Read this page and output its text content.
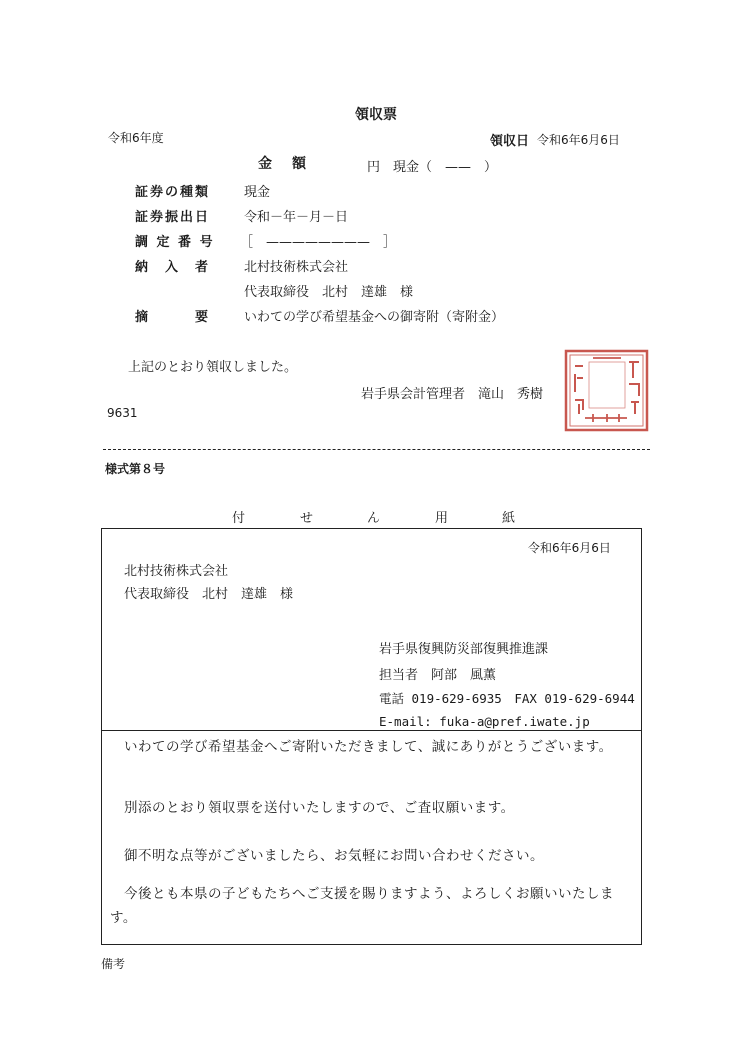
領収票
令和6年度	領収日 令和6年6月6日
金　額	円 現金（　——　）
証券の種類	現金
証券振出日	令和－年－月－日
調 定 番 号 ［　————————　］
納　入　者	北村技術株式会社
代表取締役　北村　達雄　様
摘　　　要	いわての学び希望基金への御寄附（寄附金）
上記のとおり領収しました。
岩手県会計管理者　滝山　秀樹
9631
様式第８号
付	せ	ん	用	紙
令和6年6月6日
北村技術株式会社
代表取締役　北村　達雄　様
岩手県復興防災部復興推進課
担当者　阿部　風薫
電話 019-629-6935　FAX 019-629-6944
E-mail: fuka-a@pref.iwate.jp
　いわての学び希望基金へご寄附いただきまして、誠にありがとうございます。
　別添のとおり領収票を送付いたしますので、ご査収願います。
　御不明な点等がございましたら、お気軽にお問い合わせください。
　今後とも本県の子どもたちへご支援を賜りますよう、よろしくお願いいたします。
備考
